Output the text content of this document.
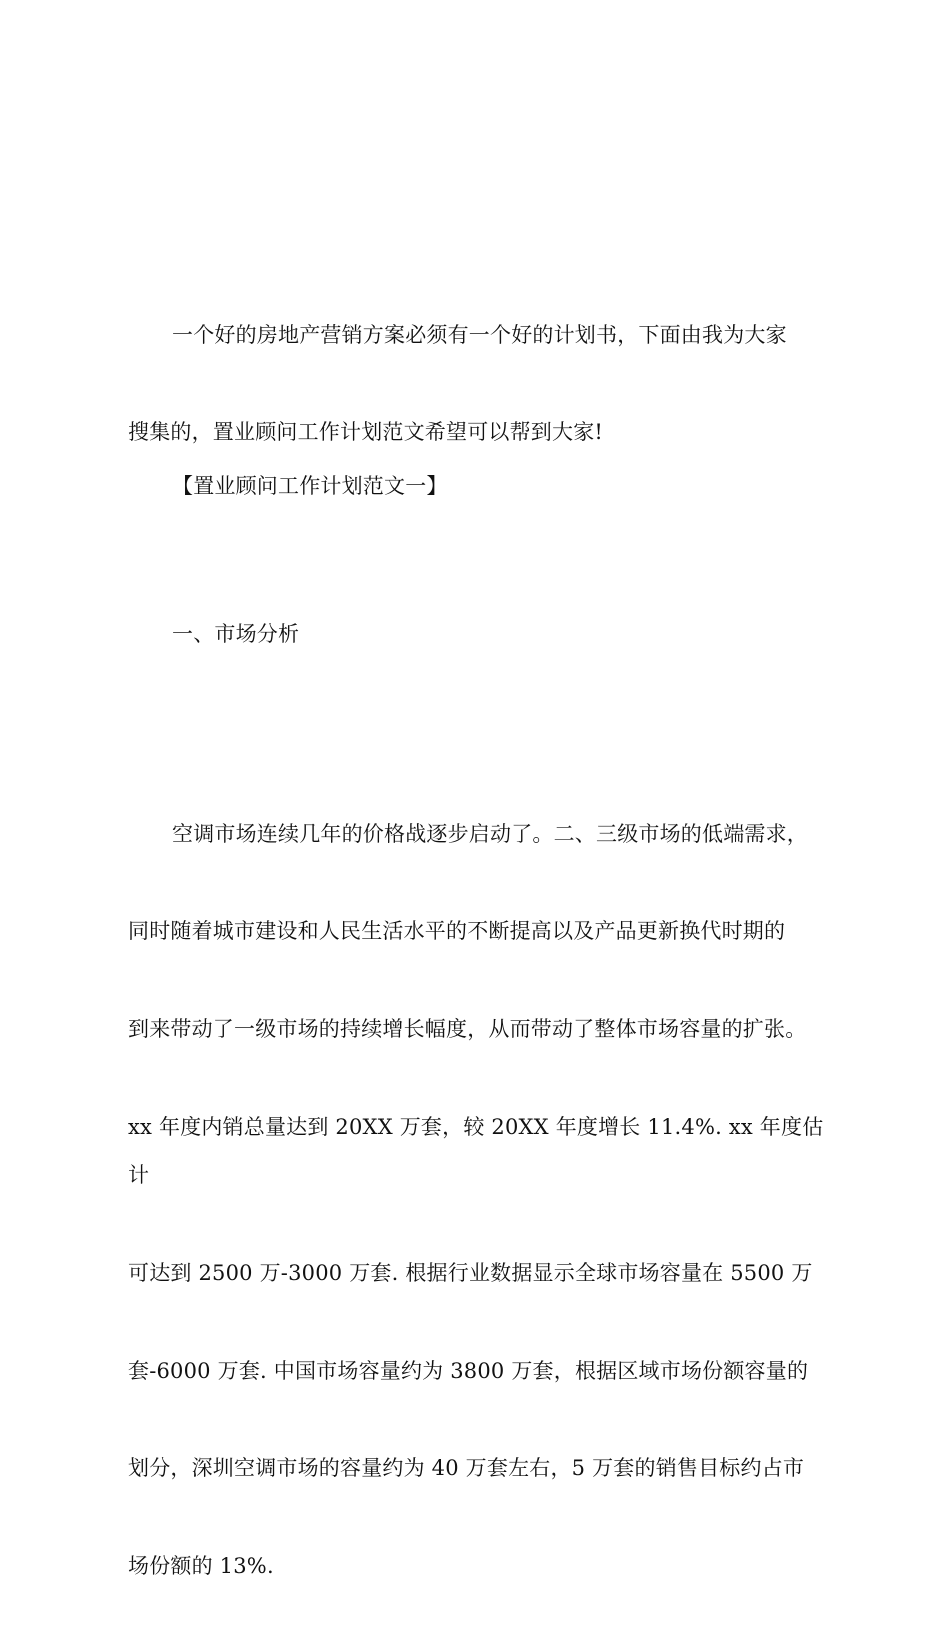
一个好的房地产营销方案必须有一个好的计划书，下面由我为大家

搜集的，置业顾问工作计划范文希望可以帮到大家!

【置业顾问工作计划范文一】
一、市场分析

空调市场连续几年的价格战逐步启动了。二、三级市场的低端需求，

同时随着城市建设和人民生活水平的不断提高以及产品更新换代时期的

到来带动了一级市场的持续增长幅度，从而带动了整体市场容量的扩张。

xx 年度内销总量达到 20XX 万套，较 20XX 年度增长 11.4%. xx 年度估计

可达到 2500 万-3000 万套. 根据行业数据显示全球市场容量在 5500 万

套-6000 万套. 中国市场容量约为 3800 万套，根据区域市场份额容量的

划分，深圳空调市场的容量约为 40 万套左右，5 万套的销售目标约占市

场份额的 13%.
